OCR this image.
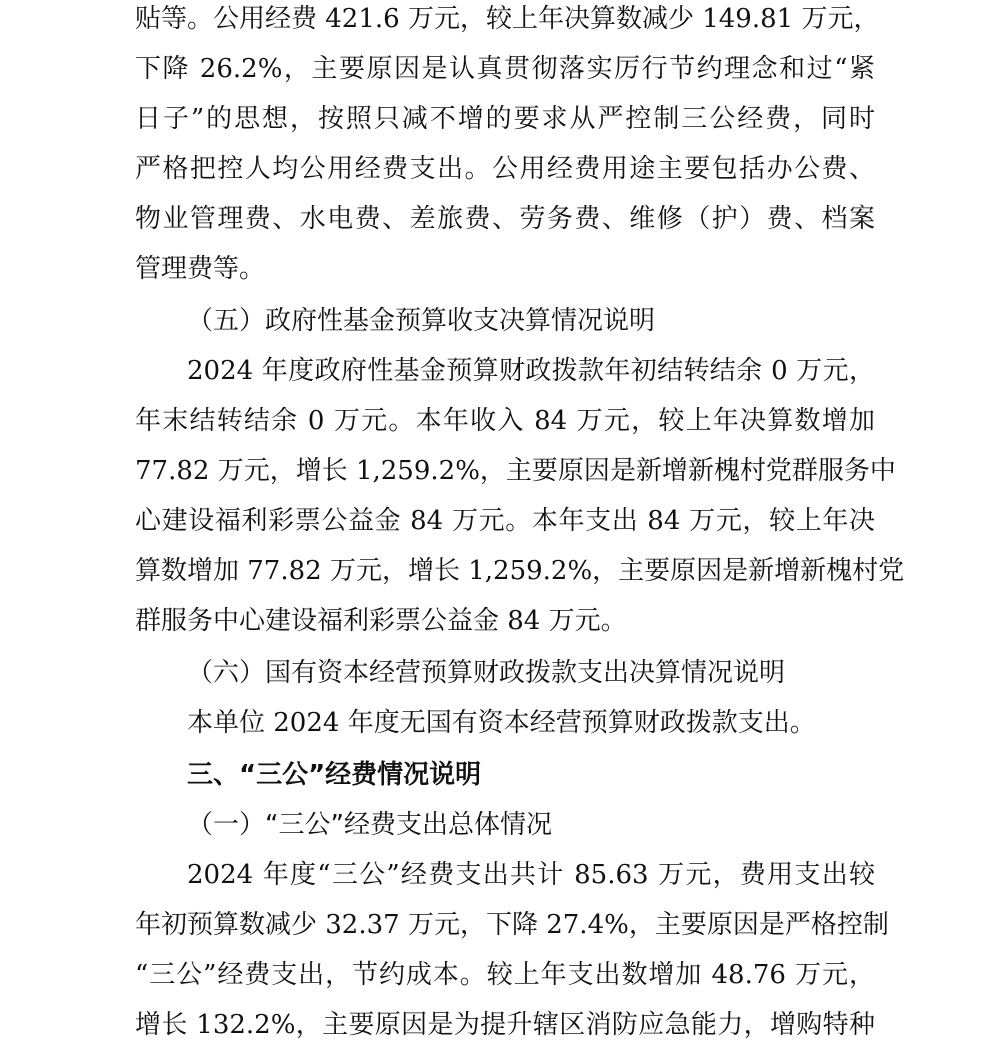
贴等。公用经费 421.6 万元，较上年决算数减少 149.81 万元，
下降 26.2%，主要原因是认真贯彻落实厉行节约理念和过“紧
日子”的思想，按照只减不增的要求从严控制三公经费，同时
严格把控人均公用经费支出。公用经费用途主要包括办公费、
物业管理费、水电费、差旅费、劳务费、维修（护）费、档案
管理费等。
（五）政府性基金预算收支决算情况说明
2024 年度政府性基金预算财政拨款年初结转结余 0 万元，
年末结转结余 0 万元。本年收入 84 万元，较上年决算数增加
77.82 万元，增长 1,259.2%，主要原因是新增新槐村党群服务中
心建设福利彩票公益金 84 万元。本年支出 84 万元，较上年决
算数增加 77.82 万元，增长 1,259.2%，主要原因是新增新槐村党
群服务中心建设福利彩票公益金 84 万元。
（六）国有资本经营预算财政拨款支出决算情况说明
本单位 2024 年度无国有资本经营预算财政拨款支出。
三、“三公”经费情况说明
（一）“三公”经费支出总体情况
2024 年度“三公”经费支出共计 85.63 万元，费用支出较
年初预算数减少 32.37 万元，下降 27.4%，主要原因是严格控制
“三公”经费支出，节约成本。较上年支出数增加 48.76 万元，
增长 132.2%，主要原因是为提升辖区消防应急能力，增购特种
